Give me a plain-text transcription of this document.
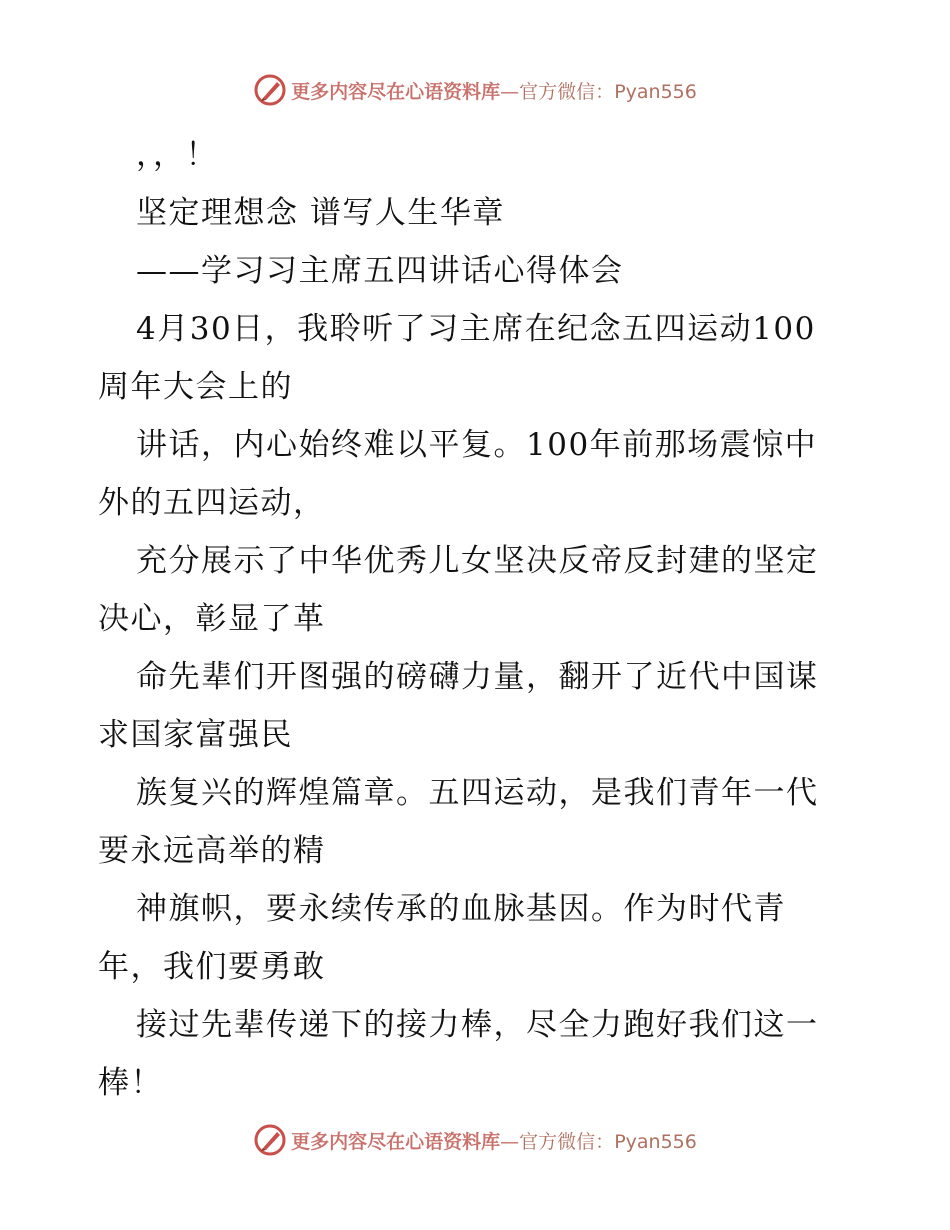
更多内容尽在心语资料库—官方微信：Pyan556

，，！

坚定理想念 谱写人生华章

——学习习主席五四讲话心得体会

4月30日，我聆听了习主席在纪念五四运动100

周年大会上的

讲话，内心始终难以平复。100年前那场震惊中

外的五四运动，

充分展示了中华优秀儿女坚决反帝反封建的坚定

决心，彰显了革

命先辈们开图强的磅礴力量，翻开了近代中国谋

求国家富强民

族复兴的辉煌篇章。五四运动，是我们青年一代

要永远高举的精

神旗帜，要永续传承的血脉基因。作为时代青

年，我们要勇敢

接过先辈传递下的接力棒，尽全力跑好我们这一

棒！

更多内容尽在心语资料库—官方微信：Pyan556
